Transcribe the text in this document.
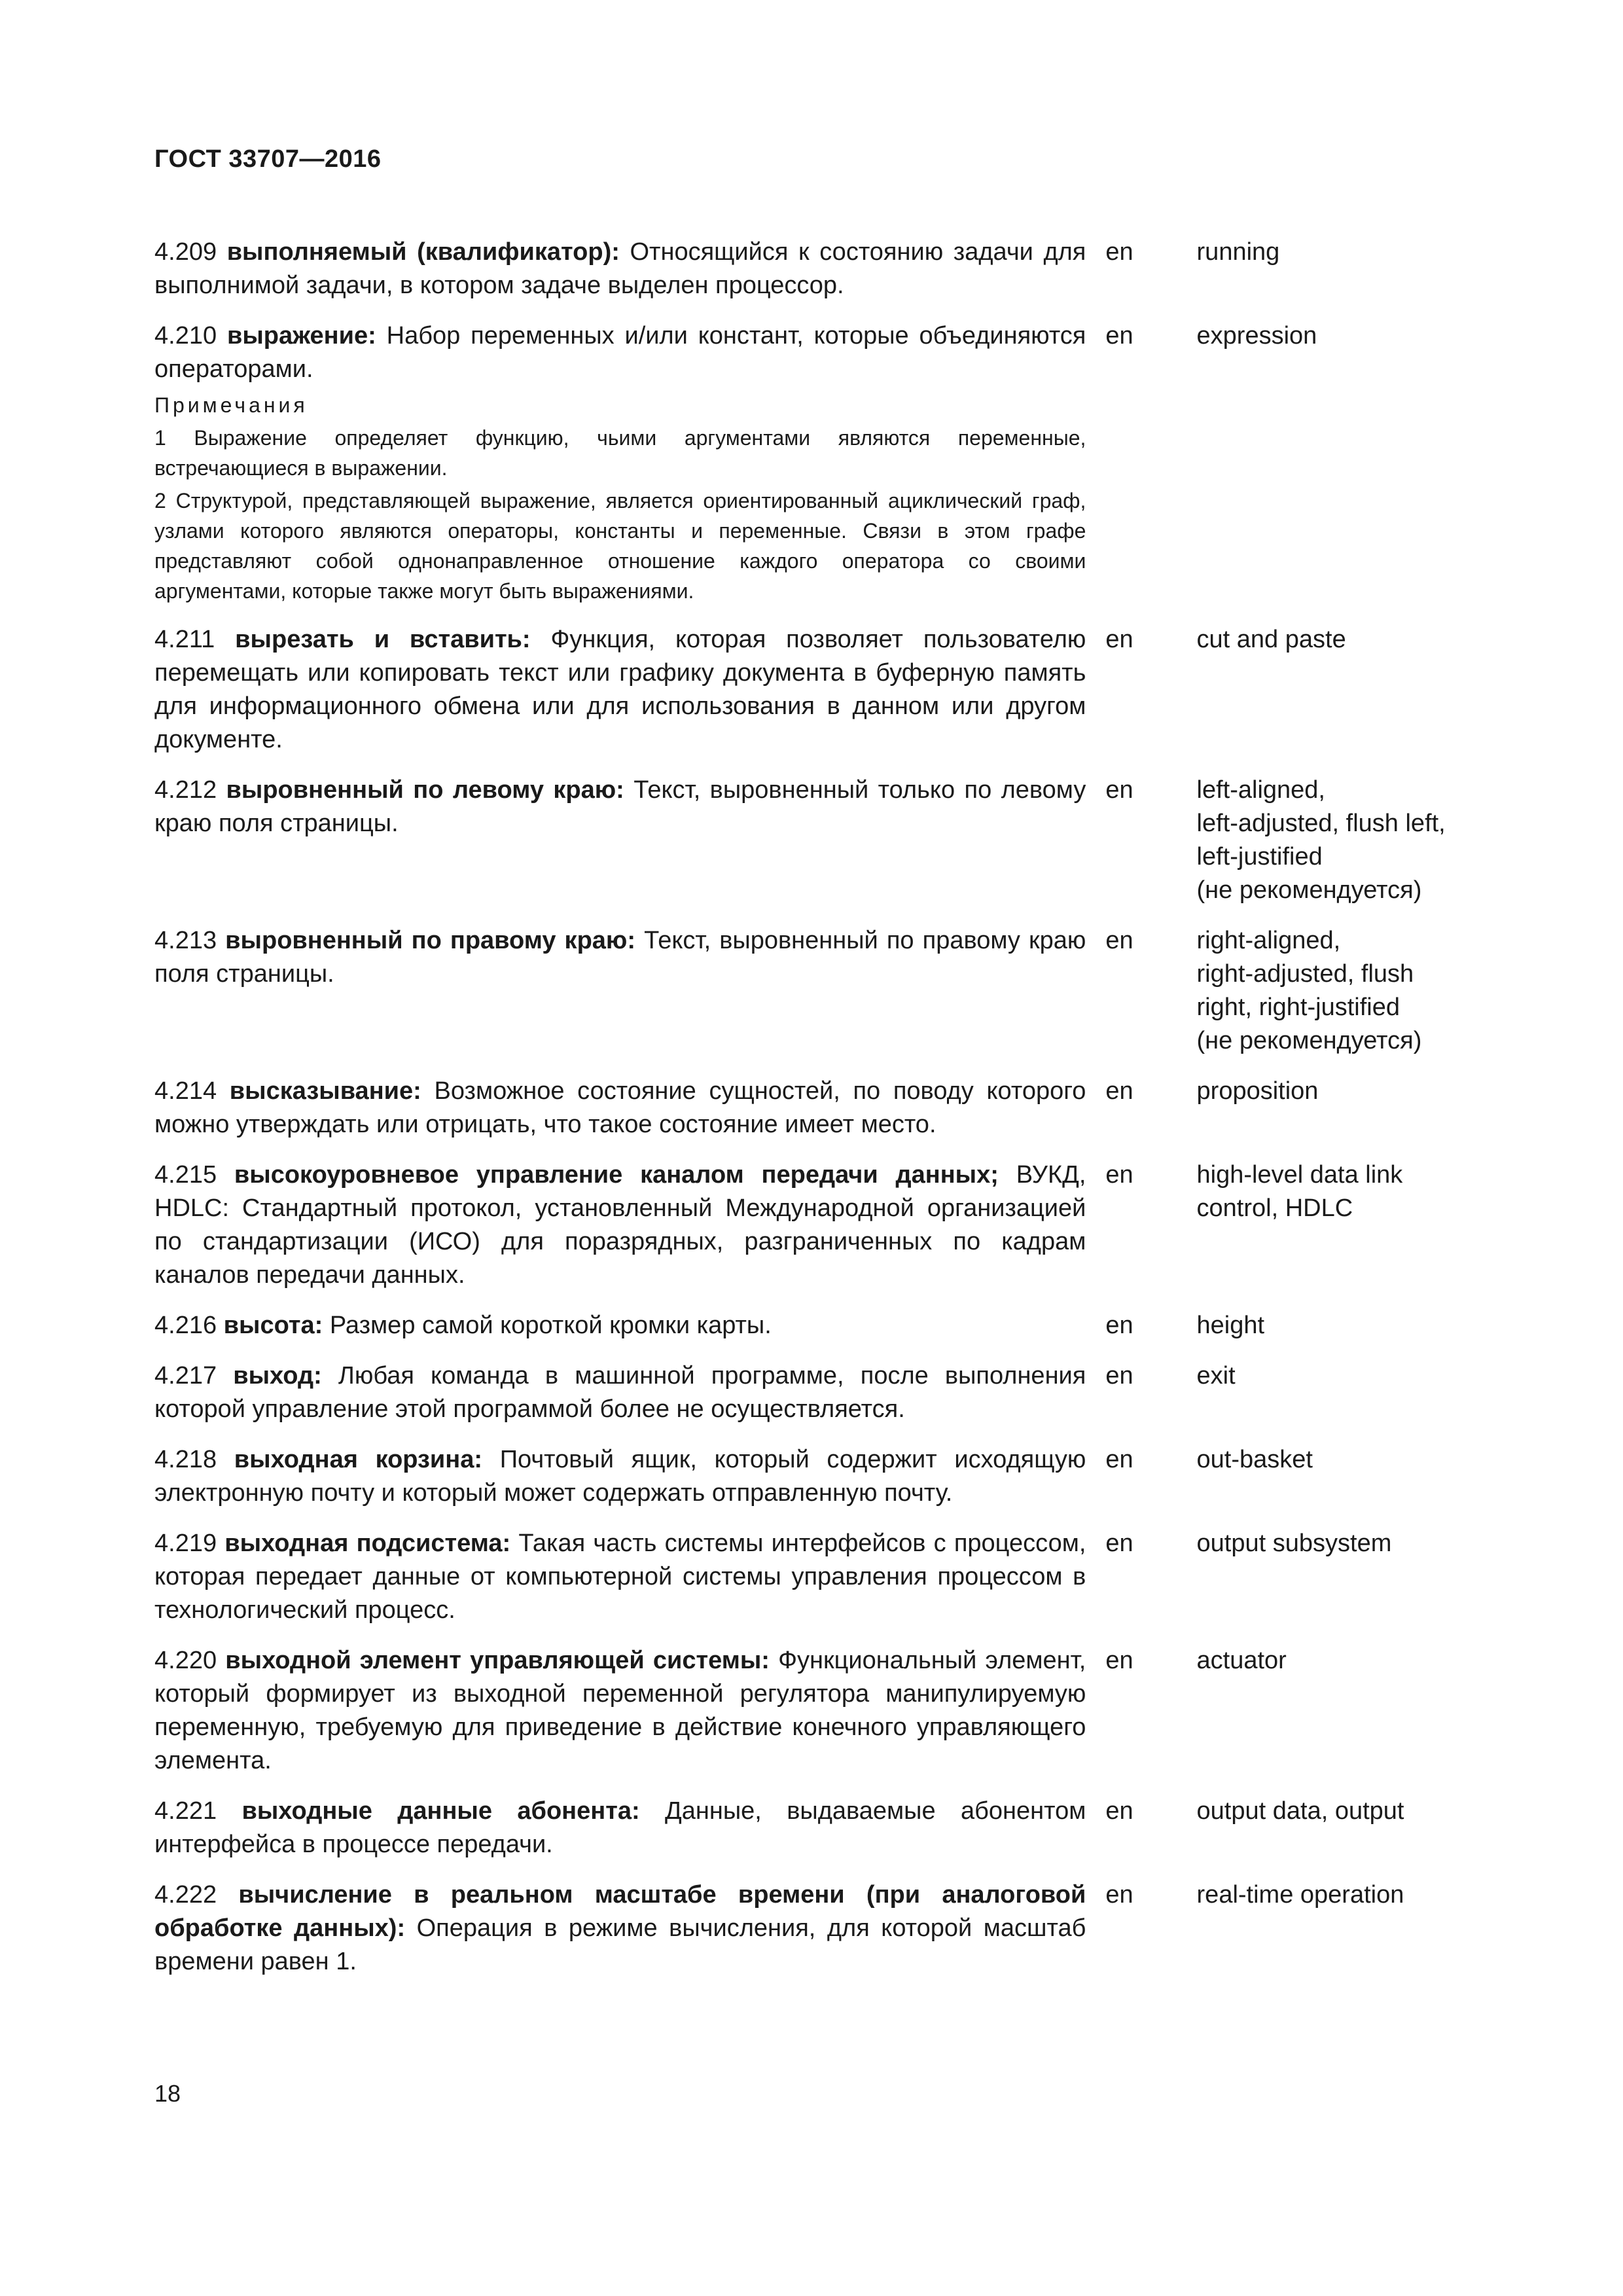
ГОСТ 33707—2016
4.209 выполняемый (квалификатор): Относящийся к состоянию задачи для выполнимой задачи, в котором задаче выделен процессор.
en	running
4.210 выражение: Набор переменных и/или констант, которые объединяются операторами.
Примечания
1 Выражение определяет функцию, чьими аргументами являются переменные, встречающиеся в выражении.
2 Структурой, представляющей выражение, является ориентированный ациклический граф, узлами которого являются операторы, константы и переменные. Связи в этом графе представляют собой однонаправленное отношение каждого оператора со своими аргументами, которые также могут быть выражениями.
en	expression
4.211 вырезать и вставить: Функция, которая позволяет пользователю перемещать или копировать текст или графику документа в буферную память для информационного обмена или для использования в данном или другом документе.
en	cut and paste
4.212 выровненный по левому краю: Текст, выровненный только по левому краю поля страницы.
en	left-aligned,
left-adjusted, flush left,
left-justified
(не рекомендуется)
4.213 выровненный по правому краю: Текст, выровненный по правому краю поля страницы.
en	right-aligned,
right-adjusted, flush
right, right-justified
(не рекомендуется)
4.214 высказывание: Возможное состояние сущностей, по поводу которого можно утверждать или отрицать, что такое состояние имеет место.
en	proposition
4.215 высокоуровневое управление каналом передачи данных; ВУКД, HDLC: Стандартный протокол, установленный Международной организацией по стандартизации (ИСО) для поразрядных, разграниченных по кадрам каналов передачи данных.
en	high-level data link
control, HDLC
4.216 высота: Размер самой короткой кромки карты.	en	height
4.217 выход: Любая команда в машинной программе, после выполнения которой управление этой программой более не осуществляется.
en	exit
4.218 выходная корзина: Почтовый ящик, который содержит исходящую электронную почту и который может содержать отправленную почту.
en	out-basket
4.219 выходная подсистема: Такая часть системы интерфейсов с процессом, которая передает данные от компьютерной системы управления процессом в технологический процесс.
en	output subsystem
4.220 выходной элемент управляющей системы: Функциональный элемент, который формирует из выходной переменной регулятора манипулируемую переменную, требуемую для приведение в действие конечного управляющего элемента.
en	actuator
4.221 выходные данные абонента: Данные, выдаваемые абонентом интерфейса в процессе передачи.
en	output data, output
4.222 вычисление в реальном масштабе времени (при аналоговой обработке данных): Операция в режиме вычисления, для которой масштаб времени равен 1.
en	real-time operation
18
